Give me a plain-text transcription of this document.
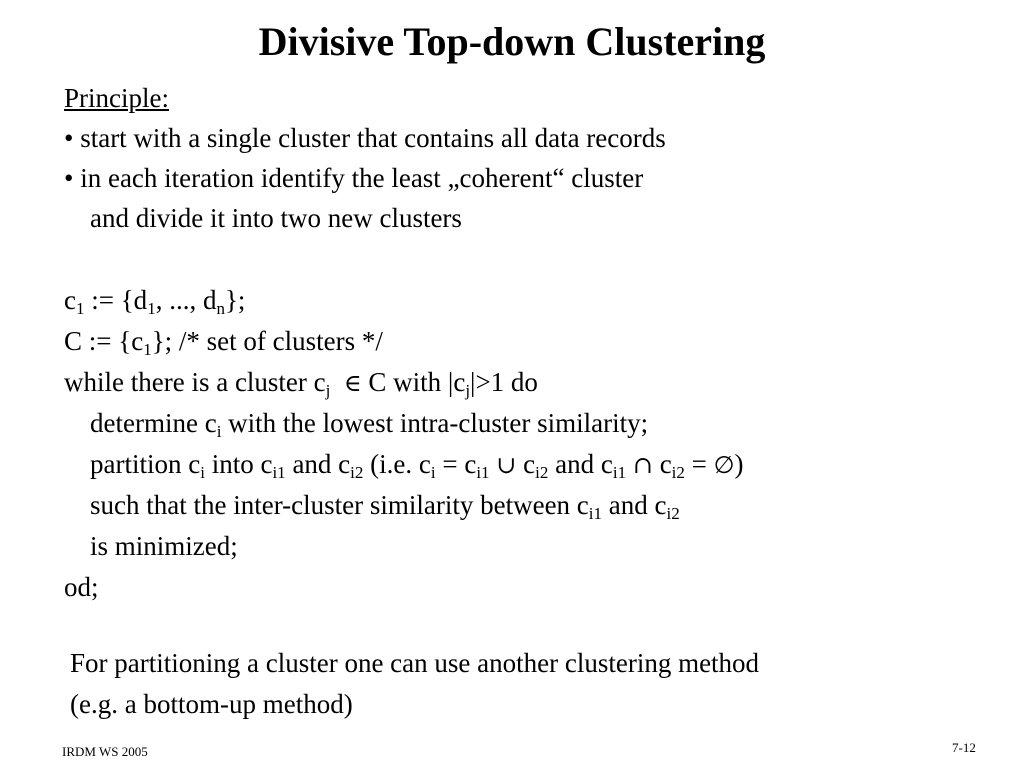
Divisive Top-down Clustering
Principle:
• start with a single cluster that contains all data records
• in each iteration identify the least „coherent“ cluster
and divide it into two new clusters
$c_1$ := {$d_1$, ..., $d_n$};
C := $\{c_1\}$; /* set of clusters */
while there is a cluster $c_j$ ∈ C with $|c_j|>1$ do
determine $c_i$ with the lowest intra-cluster similarity;
partition $c_i$ into $c_{i1}$ and $c_{i2}$ (i.e. $c_i = c_{i1}$ ∪ $c_{i2}$ and $c_{i1}$ ∩ $c_{i2}$ = ∅)
such that the inter-cluster similarity between $c_{i1}$ and $c_{i2}$
is minimized;
od;
For partitioning a cluster one can use another clustering method
(e.g. a bottom-up method)
IRDM WS 2005	7-12
